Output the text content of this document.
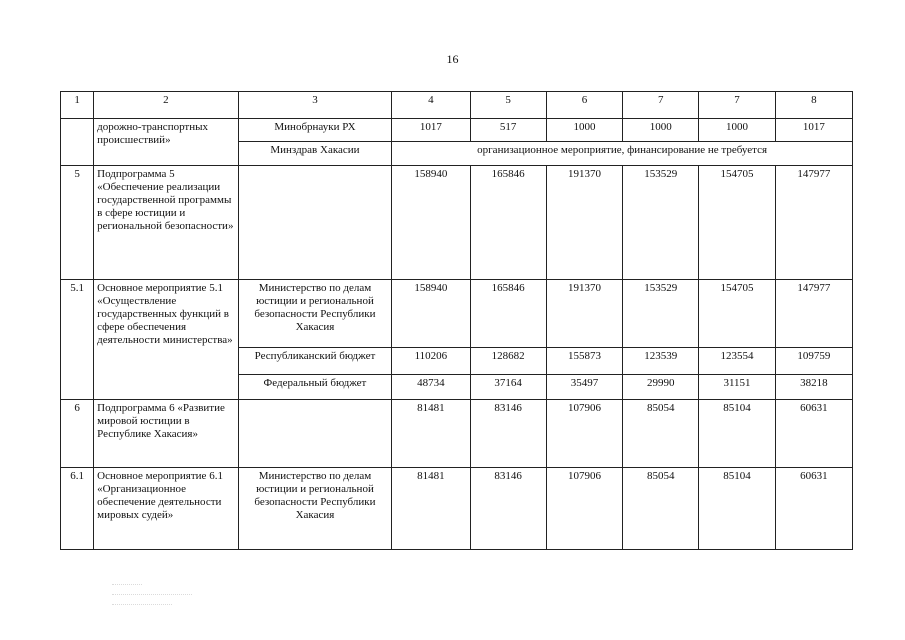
16
1	2	3	4	5	6	7	7	8
	дорожно-транспортных происшествий»	Минобрнауки РХ	1017	517	1000	1000	1000	1017
		Минздрав Хакасии	организационное мероприятие, финансирование не требуется					
5	Подпрограмма 5 «Обеспечение реализации государственной программы в сфере юстиции и региональной безопасности»		158940	165846	191370	153529	154705	147977
5.1	Основное мероприятие 5.1 «Осуществление государственных функций в сфере обеспечения деятельности министерства»	Министерство по делам юстиции и региональной безопасности Республики Хакасия	158940	165846	191370	153529	154705	147977
		Республиканский бюджет	110206	128682	155873	123539	123554	109759
		Федеральный бюджет	48734	37164	35497	29990	31151	38218
6	Подпрограмма 6 «Развитие мировой юстиции в Республике Хакасия»		81481	83146	107906	85054	85104	60631
6.1	Основное мероприятие 6.1 «Организационное обеспечение деятельности мировых судей»	Министерство по делам юстиции и региональной безопасности Республики Хакасия	81481	83146	107906	85054	85104	60631
